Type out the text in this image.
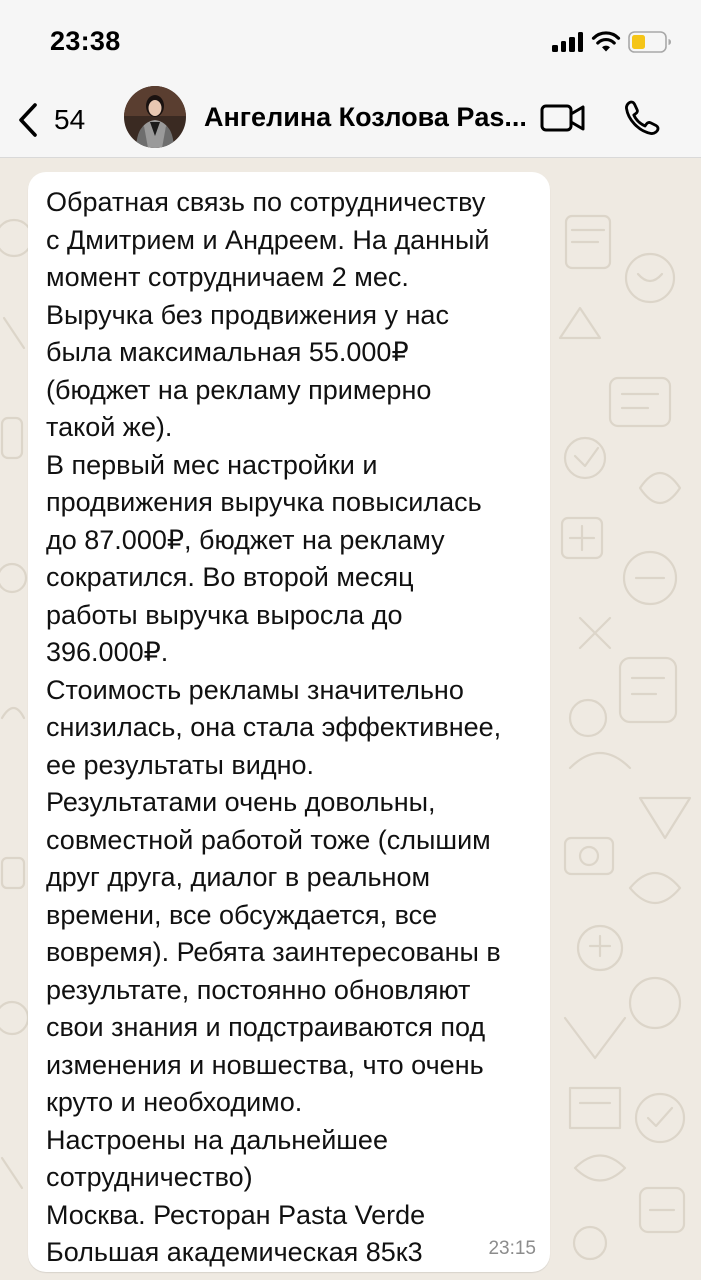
23:38
54	Ангелина Козлова Pas...

Обратная связь по сотрудничеству
с Дмитрием и Андреем. На данный
момент сотрудничаем 2 мес.
Выручка без продвижения у нас
была максимальная 55.000₽
(бюджет на рекламу примерно
такой же).
В первый мес настройки и
продвижения выручка повысилась
до 87.000₽, бюджет на рекламу
сократился. Во второй месяц
работы выручка выросла до
396.000₽.
Стоимость рекламы значительно
снизилась, она стала эффективнее,
ее результаты видно.
Результатами очень довольны,
совместной работой тоже (слышим
друг друга, диалог в реальном
времени, все обсуждается, все
вовремя). Ребята заинтересованы в
результате, постоянно обновляют
свои знания и подстраиваются под
изменения и новшества, что очень
круто и необходимо.
Настроены на дальнейшее
сотрудничество)
Москва. Ресторан Pasta Verde
Большая академическая 85к3	23:15
